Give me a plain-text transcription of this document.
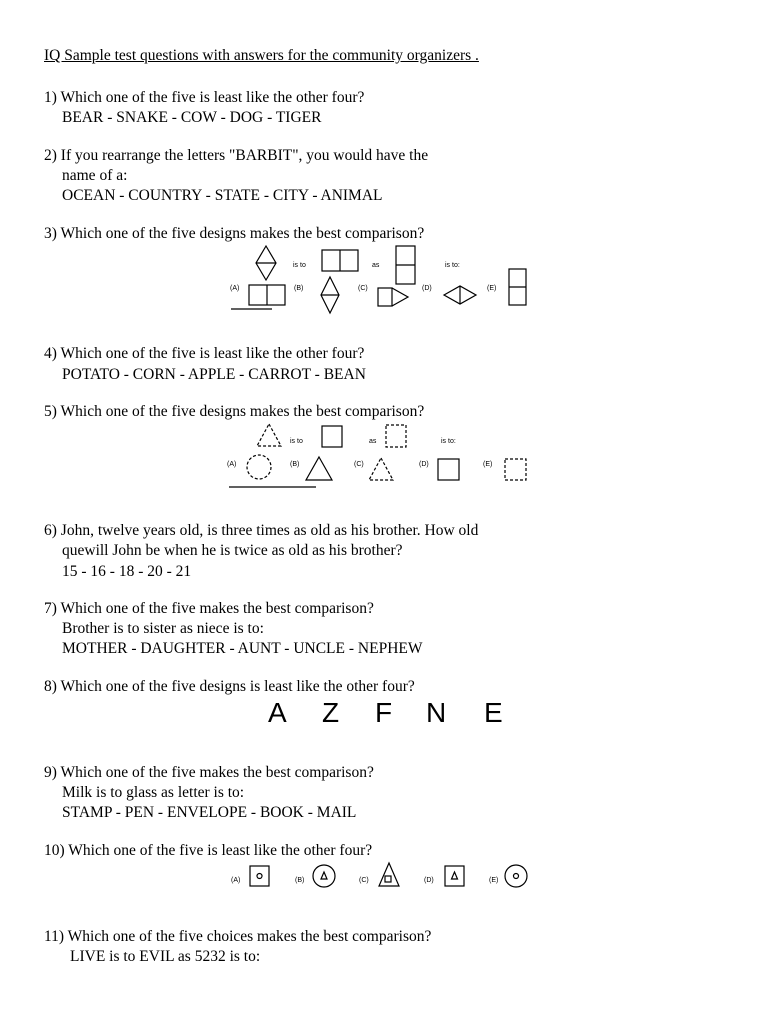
IQ Sample test questions with answers for the community organizers .
1) Which one of the five is least like the other four?
BEAR - SNAKE - COW - DOG - TIGER
2) If you rearrange the letters "BARBIT", you would have the
name of a:
OCEAN - COUNTRY - STATE - CITY - ANIMAL
3) Which one of the five designs makes the best comparison?
4) Which one of the five is least like the other four?
POTATO - CORN - APPLE - CARROT - BEAN
5) Which one of the five designs makes the best comparison?
6) John, twelve years old, is three times as old as his brother. How old
quewill John be when he is twice as old as his brother?
15 - 16 - 18 - 20 - 21
7) Which one of the five makes the best comparison?
Brother is to sister as niece is to:
MOTHER - DAUGHTER - AUNT - UNCLE - NEPHEW
8) Which one of the five designs is least like the other four?
9) Which one of the five makes the best comparison?
Milk is to glass as letter is to:
STAMP - PEN - ENVELOPE - BOOK - MAIL
10) Which one of the five is least like the other four?
11) Which one of the five choices makes the best comparison?
LIVE is to EVIL as 5232 is to:
is to	as	is to:
(A)	(B)	(C)	(D)	(E)
is to	as	is to:
(A)	(B)	(C)	(D)	(E)
A Z F N E
(A)	(B)	(C)	(D)	(E)
